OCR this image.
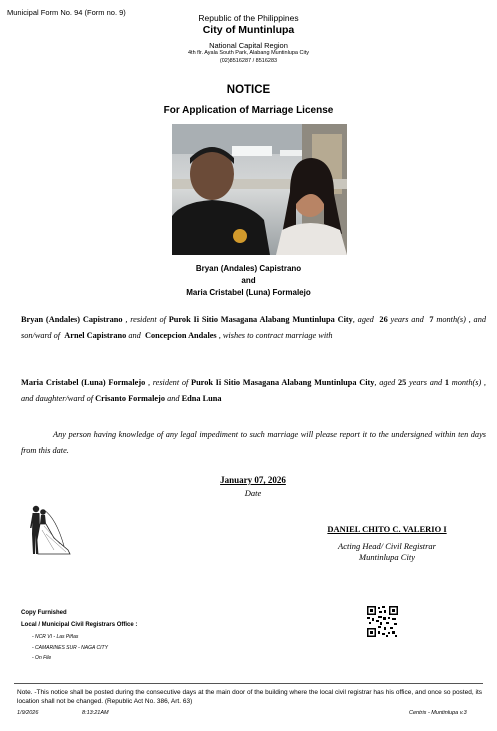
Municipal Form No. 94 (Form no. 9)
Republic of the Philippines
City of Muntinlupa
National Capital Region
4th flr. Ayala South Park, Alabang Muntinlupa City
(02)8516287 / 8516283
NOTICE
For Application of Marriage License
Bryan (Andales) Capistrano
and
Maria Cristabel (Luna) Formalejo
Bryan (Andales) Capistrano , resident of Purok Ii Sitio Masagana Alabang Muntinlupa City, aged 26 years and 7 month(s) , and son/ward of Arnel Capistrano and Concepcion Andales , wishes to contract marriage with
Maria Cristabel (Luna) Formalejo , resident of Purok Ii Sitio Masagana Alabang Muntinlupa City, aged 25 years and 1 month(s) , and daughter/ward of Crisanto Formalejo and Edna Luna
Any person having knowledge of any legal impediment to such marriage will please report it to the undersigned within ten days from this date.
January 07, 2026
Date
DANIEL CHITO C. VALERIO I
Acting Head/ Civil Registrar
Muntinlupa City
Copy Furnished
Local / Municipal Civil Registrars Office :
- NCR VI - Las Piñas
- CAMARINES SUR - NAGA CITY
- On File
Note. -This notice shall be posted during the consecutive days at the main door of the building where the local civil registrar has his office, and once so posted, its location shall not be changed. (Republic Act No. 386, Art. 63)
1/9/2026	8:13:21AM	Centris - Muntinlupa v.3
